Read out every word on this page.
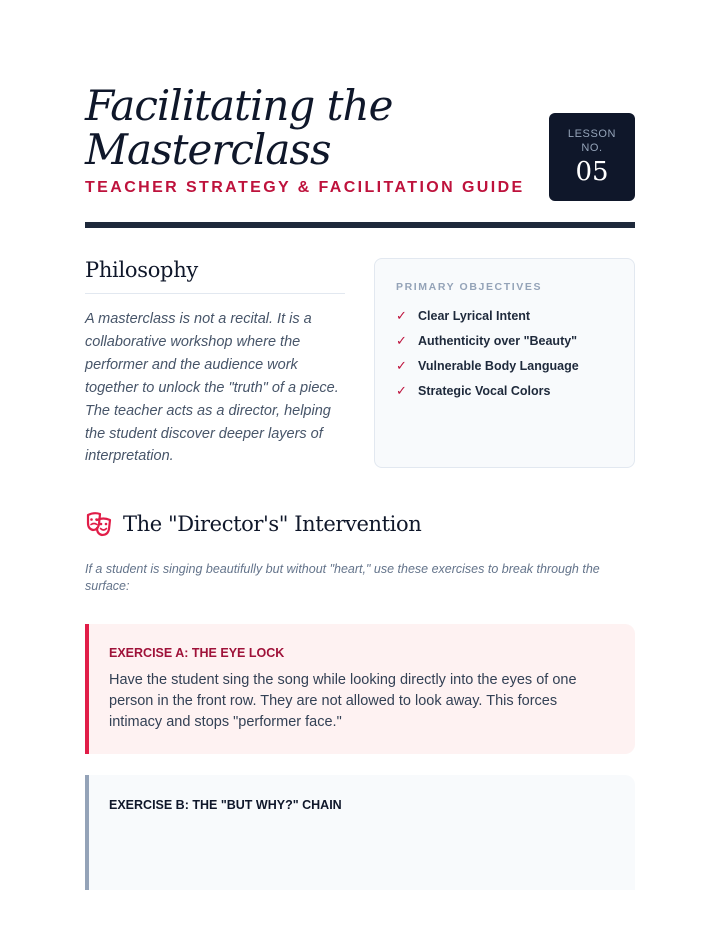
Facilitating the Masterclass
TEACHER STRATEGY & FACILITATION GUIDE
LESSON NO.
05
Philosophy
A masterclass is not a recital. It is a collaborative workshop where the performer and the audience work together to unlock the "truth" of a piece. The teacher acts as a director, helping the student discover deeper layers of interpretation.
PRIMARY OBJECTIVES
✓ Clear Lyrical Intent
✓ Authenticity over "Beauty"
✓ Vulnerable Body Language
✓ Strategic Vocal Colors
The "Director's" Intervention
If a student is singing beautifully but without "heart," use these exercises to break through the surface:
EXERCISE A: THE EYE LOCK
Have the student sing the song while looking directly into the eyes of one person in the front row. They are not allowed to look away. This forces intimacy and stops "performer face."
EXERCISE B: THE "BUT WHY?" CHAIN
